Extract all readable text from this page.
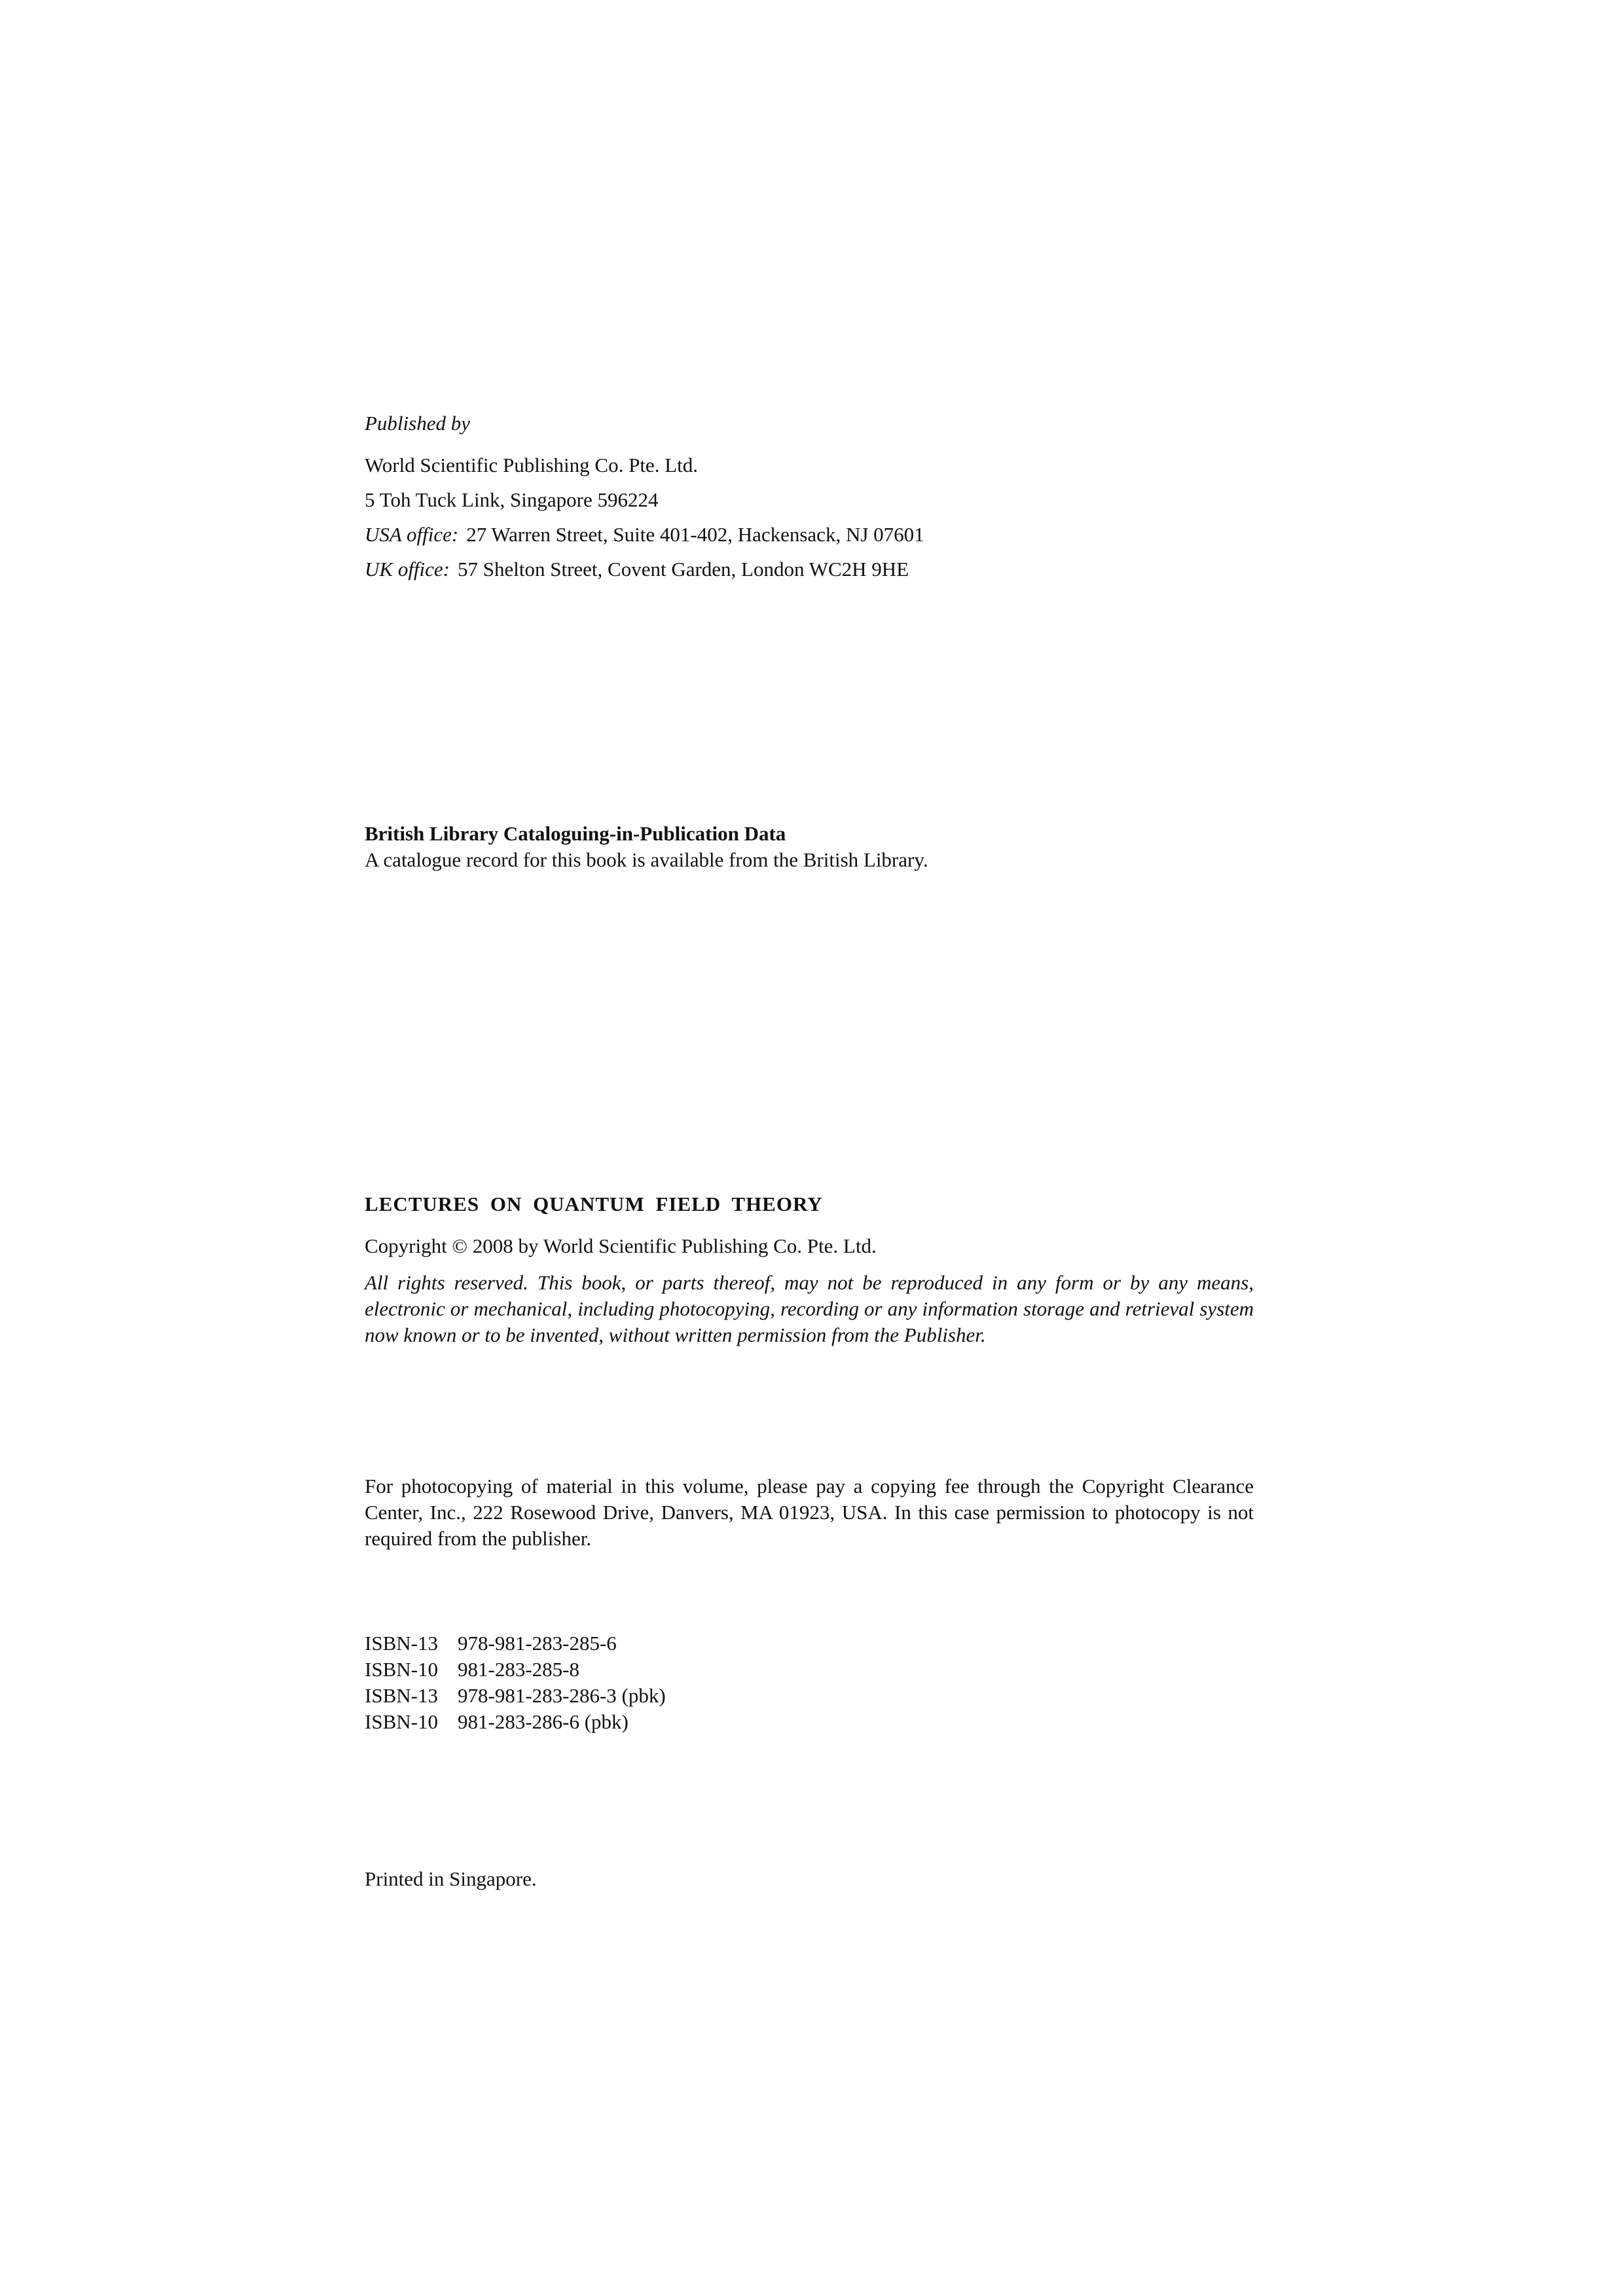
Published by
World Scientific Publishing Co. Pte. Ltd.
5 Toh Tuck Link, Singapore 596224
USA office: 27 Warren Street, Suite 401-402, Hackensack, NJ 07601
UK office: 57 Shelton Street, Covent Garden, London WC2H 9HE
British Library Cataloguing-in-Publication Data
A catalogue record for this book is available from the British Library.
LECTURES ON QUANTUM FIELD THEORY
Copyright © 2008 by World Scientific Publishing Co. Pte. Ltd.
All rights reserved. This book, or parts thereof, may not be reproduced in any form or by any means, electronic or mechanical, including photocopying, recording or any information storage and retrieval system now known or to be invented, without written permission from the Publisher.
For photocopying of material in this volume, please pay a copying fee through the Copyright Clearance Center, Inc., 222 Rosewood Drive, Danvers, MA 01923, USA. In this case permission to photocopy is not required from the publisher.
ISBN-13 978-981-283-285-6
ISBN-10 981-283-285-8
ISBN-13 978-981-283-286-3 (pbk)
ISBN-10 981-283-286-6 (pbk)
Printed in Singapore.
